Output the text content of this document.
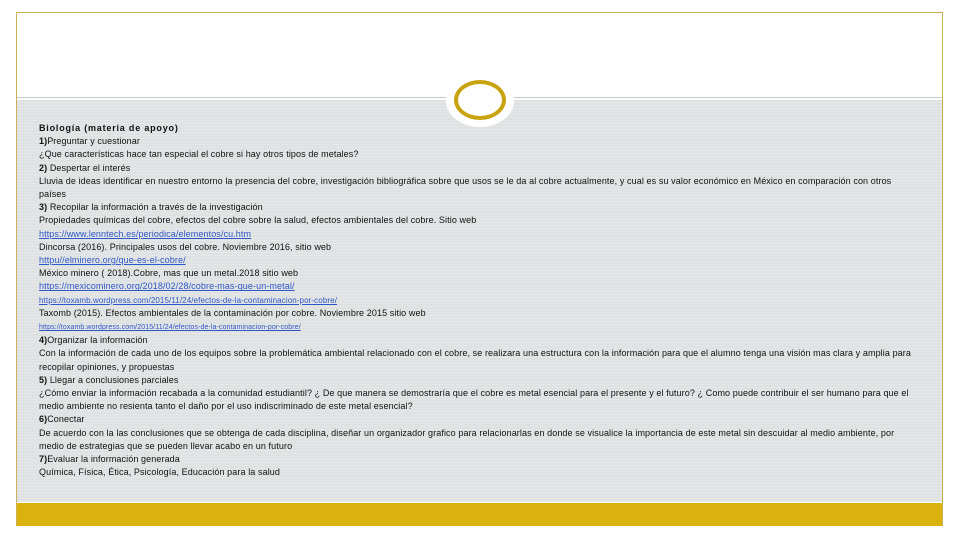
Biología (materia de apoyo)
1)Preguntar y cuestionar
¿Que características hace tan especial el cobre si hay otros tipos de metales?
2) Despertar el interés
Lluvia de ideas identificar en nuestro entorno la presencia del cobre, investigación bibliográfica sobre que usos se le da al cobre actualmente, y cual es su valor económico en México en comparación con otros países
3) Recopilar la información a través de la investigación
Propiedades químicas del cobre, efectos del cobre sobre la salud, efectos ambientales del cobre. Sitio web
https://www.lenntech.es/periodica/elementos/cu.htm
Dincorsa (2016). Principales usos del cobre. Noviembre 2016, sitio web
httpu//elminero.org/que-es-el-cobre/
México minero ( 2018).Cobre, mas que un metal.2018 sitio web
https://mexicominero.org/2018/02/28/cobre-mas-que-un-metal/
https://toxamb.wordpress.com/2015/11/24/efectos-de-la-contaminacion-por-cobre/
Taxomb (2015). Efectos ambientales de la contaminación por cobre. Noviembre 2015 sitio web
https://toxamb.wordpress.com/2015/11/24/efectos-de-la-contaminacion-por-cobre/
4)Organizar la información
Con la información de cada uno de los equipos sobre la problemática ambiental relacionado con el cobre, se realizara una estructura con la información para que el alumno tenga una visión mas clara y amplia para recopilar opiniones, y propuestas
5) Llegar a conclusiones parciales
¿Cómo enviar la información recabada a la comunidad estudiantil? ¿ De que manera se demostraría que el cobre es metal esencial para el presente y el futuro? ¿ Como puede contribuir el ser humano para que el medio ambiente no resienta tanto el daño por el uso indiscriminado de este metal esencial?
6)Conectar
De acuerdo con la las conclusiones que se obtenga de cada disciplina, diseñar un organizador grafico para relacionarlas en donde se visualice la importancia de este metal sin descuidar al medio ambiente, por medio de estrategias que se pueden llevar acabo en un futuro
7)Evaluar la información generada
Química, Física, Ética, Psicología, Educación para la salud
